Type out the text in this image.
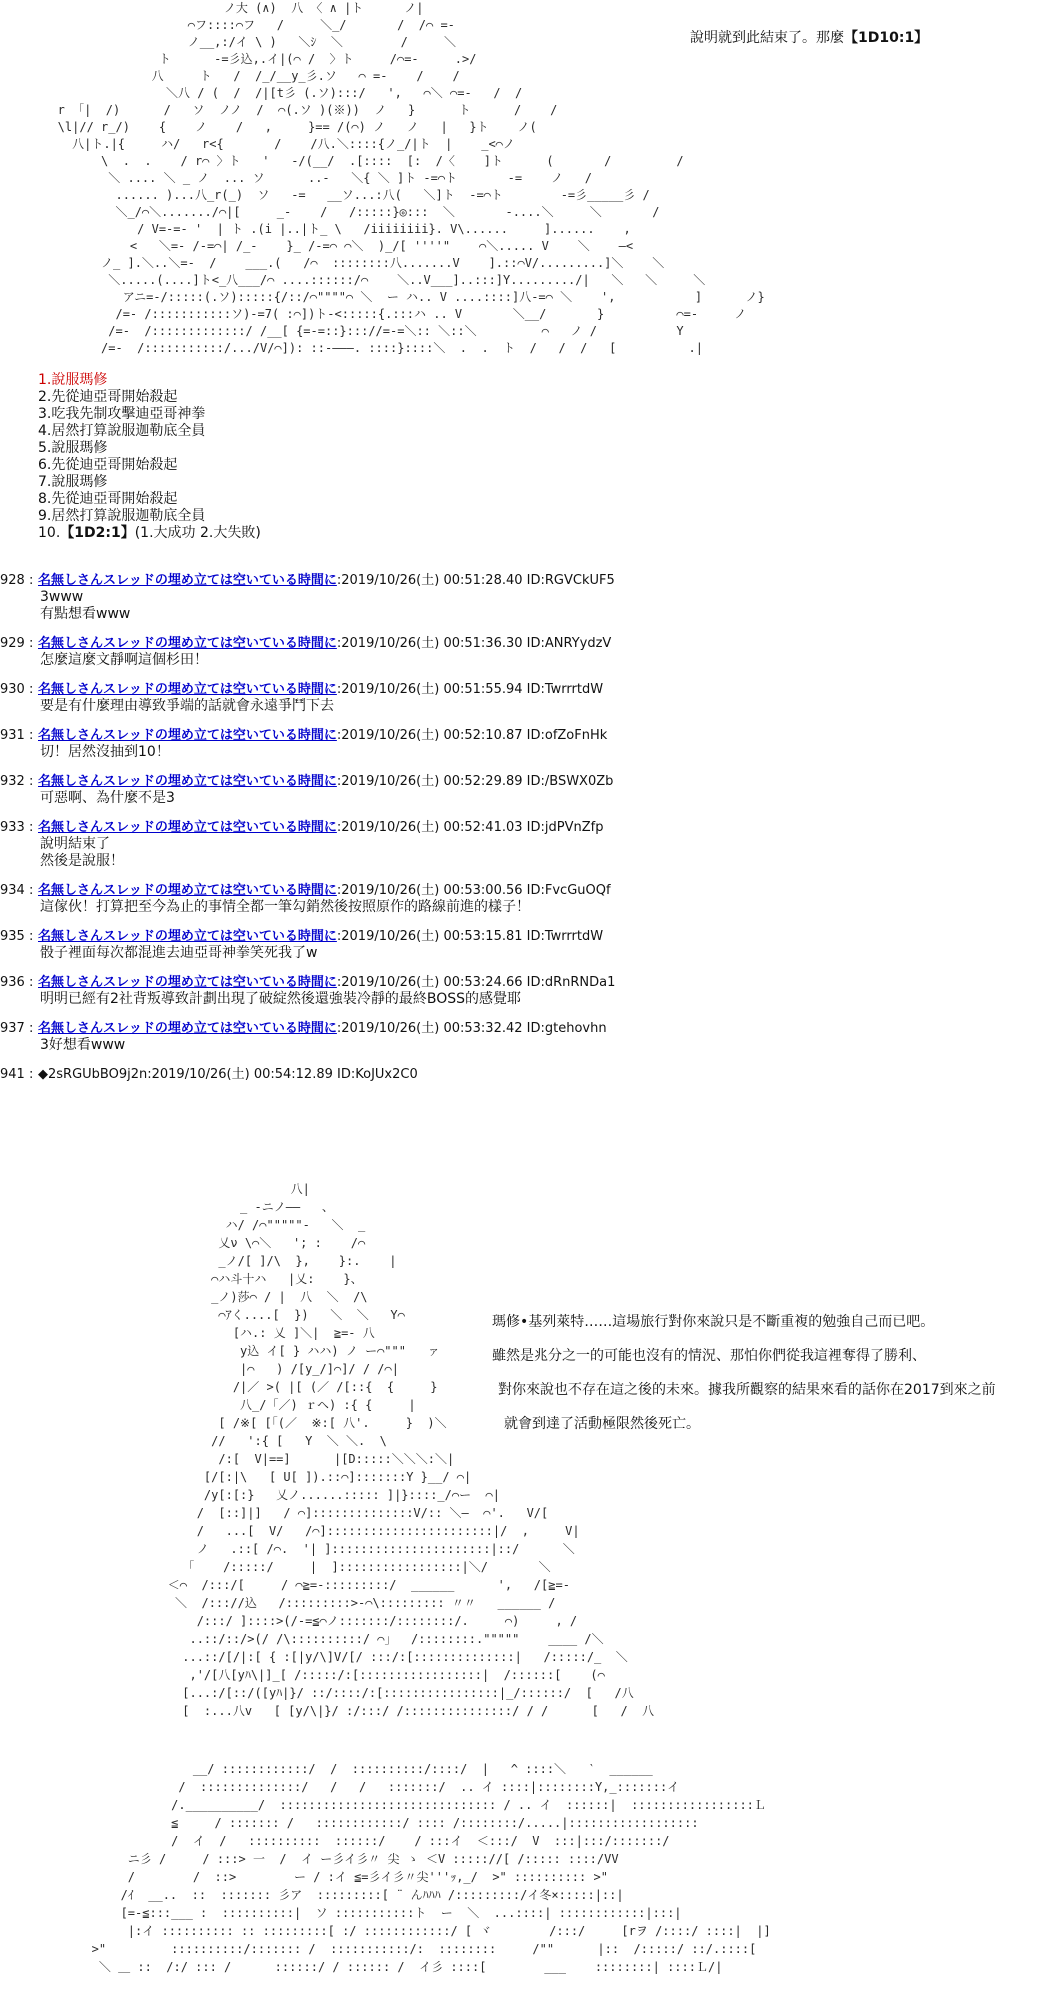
ノ大 (∧)  八 〈 ∧ |ト   　 ノ|
⌒フ::::⌒フ   /     ＼_/       /  /⌒ =-
ノ__,:/イ \ )   ＼ｼ  ＼        /     ＼
ト      -=彡込,.イ|(⌒ /  〉ト     /⌒=-     .>/
八     ト   /  /_/__y_彡.ソ   ⌒ =-    /    /
＼八 / (  /  /|[t彡 (.ソ):::/   ',   ⌒＼ ⌒=-   /  /
r 「|  /)      /   ソ  ノノ  /  ⌒(.ソ )(※))  ノ   }      ト      /    /
\l|// r_/)    {    ノ    /   ,     }== /(⌒) ノ   ノ   |   }ト    ノ(
八|ト.|{     ハ/   r<{       /    /八.＼::::{ノ_/|ト  |    _<⌒ノ
\  .  .    / r⌒ 〉ト   '   -/(__/  .[::::  [:  /〈    ]ト      (       /         /
＼ .... ＼ _ ノ  ... ソ      ..-   ＼{ ＼ ]ト -=⌒ト       -=    ノ   /
...... )...八_r(_)  ソ   -=   __ソ...:八(   ＼]ト  -=⌒ト        -=彡_____彡 /
＼_/⌒＼......./⌒|[     _-    /   /:::::}◎:::  ＼       -....＼     ＼       /
/ V=-=- '  | ト .(i |..|ト_ \   /iiiiiiii}. V\......     ]......    ,
<   ＼=- /-=⌒| /_-    }_ /-=⌒ ⌒＼  )_/[ ''''"    ⌒＼..... V    ＼    —<
ノ_ ].＼..＼=-  /    ___.(   /⌒  ::::::::八.......V    ].::⌒V/.........]＼    ＼
＼.....(....]ト<_八___/⌒ ....::::::/⌒    ＼..V___]..:::]Y........./|   ＼   ＼     ＼
アニ=-/:::::(.ソ):::::{/::/⌒""""⌒ ＼  ー ハ.. V ....::::]八-=⌒ ＼    ',           ]      ノ}
/=- /:::::::::::ソ)-=7( :⌒])ト-<:::::{.:::ハ .. V       ＼__/       }          ⌒=-     ノ
/=-  /:::::::::::::/ /__[ {=-=::}::://=-=＼:: ＼::＼         ⌒   ノ /           Y
/=-  /:::::::::::/.../V/⌒]): ::-———. ::::}::::＼  .  .  ト  /   /  /   [          .|
說明就到此結束了。那麼【1D10:1】
1.說服瑪修
2.先從迪亞哥開始殺起
3.吃我先制攻擊迪亞哥神拳
4.居然打算說服迦勒底全員
5.說服瑪修
6.先從迪亞哥開始殺起
7.說服瑪修
8.先從迪亞哥開始殺起
9.居然打算說服迦勒底全員
10.【1D2:1】(1.大成功 2.大失敗)
928 : 名無しさんスレッドの埋め立ては空いている時間に:2019/10/26(土) 00:51:28.40 ID:RGVCkUF5
3www
有點想看www
929 : 名無しさんスレッドの埋め立ては空いている時間に:2019/10/26(土) 00:51:36.30 ID:ANRYydzV
怎麼這麼文靜啊這個杉田！
930 : 名無しさんスレッドの埋め立ては空いている時間に:2019/10/26(土) 00:51:55.94 ID:TwrrrtdW
要是有什麼理由導致爭端的話就會永遠爭鬥下去
931 : 名無しさんスレッドの埋め立ては空いている時間に:2019/10/26(土) 00:52:10.87 ID:ofZoFnHk
切！居然沒抽到10！
932 : 名無しさんスレッドの埋め立ては空いている時間に:2019/10/26(土) 00:52:29.89 ID:/BSWX0Zb
可惡啊、為什麼不是3
933 : 名無しさんスレッドの埋め立ては空いている時間に:2019/10/26(土) 00:52:41.03 ID:jdPVnZfp
說明結束了
然後是說服！
934 : 名無しさんスレッドの埋め立ては空いている時間に:2019/10/26(土) 00:53:00.56 ID:FvcGuOQf
這傢伙！打算把至今為止的事情全都一筆勾銷然後按照原作的路線前進的樣子！
935 : 名無しさんスレッドの埋め立ては空いている時間に:2019/10/26(土) 00:53:15.81 ID:TwrrrtdW
骰子裡面每次都混進去迪亞哥神拳笑死我了w
936 : 名無しさんスレッドの埋め立ては空いている時間に:2019/10/26(土) 00:53:24.66 ID:dRnRNDa1
明明已經有2社背叛導致計劃出現了破綻然後還強裝冷靜的最終BOSS的感覺耶
937 : 名無しさんスレッドの埋め立ては空いている時間に:2019/10/26(土) 00:53:32.42 ID:gtehovhn
3好想看www
941 : ◆2sRGUbBO9j2n:2019/10/26(土) 00:54:12.89 ID:KoJUx2C0
八|
_ -ニノ——   、
ハ/ /⌒"""""-   ＼  _
乂ν \⌒＼   '; :    /⌒
_ノ/[ ]/\  },    }:.    |
⌒ハ斗十ハ   |乂:    }、
_ノ)莎⌒ / |  八  ＼  /\
⌒ｱく....[  })   ＼  ＼   Y⌒
[ハ.: 乂 ]＼|  ≧=- 八
y込 イ[ } ハハ) ノ ー⌒"""   ァ
|⌒   ) /[y_/]⌒]/ / /⌒|
/|／ >( |[ (／ /[::{  {     }
八_/「／) ｒヘ) :{ {     |
[ /※[ [「(／  ※:[ 八'.     }  )＼
//   ':{ [   Y  ＼ ＼.  \
/:[  V|==]      |[D:::::＼＼＼:＼|
[/[:|\   [ U[ ]).::⌒]:::::::Y }__/ ⌒|
/y[:[:}   乂ノ......::::: ]|}::::_/⌒ー  ⌒|
/  [::]|]   / ⌒]::::::::::::::V/:: ＼—  ⌒'.   V/[
/   ...[  V/   /⌒]:::::::::::::::::::::::|/  ,     V|
ノ   .::[ /⌒.  '| ]::::::::::::::::::::::|::/      ＼
「    /:::::/     |  ]:::::::::::::::::|＼/       ＼
＜⌒  /:::/[     / ⌒≧=-:::::::::/  ______      ',   /[≧=-
＼  /::://込   /:::::::::>-⌒\::::::::: 〃〃   ______ /
/:::/ ]::::>(/-=≦⌒ノ:::::::/::::::::/.     ⌒)     , /
..::/::/>(/ /\::::::::::/ ⌒」  /::::::::."""""    ____ /＼
...::/[/|:[ { :[|y/\]V/[/ :::/:[::::::::::::::|   /:::::/_  ＼
,'/[八[yﾊ\|]_[ /:::::/:[:::::::::::::::::|  /::::::[    (⌒
[...:/[::/([yﾊ|}/ ::/::::/:[::::::::::::::::|_/::::::/  [   /八
[  :...八v   [ [y/\|}/ :/:::/ /:::::::::::::::/ / /      [   /  八
瑪修•基列萊特……這場旅行對你來說只是不斷重複的勉強自己而已吧。
雖然是兆分之一的可能也沒有的情況、那怕你們從我這裡奪得了勝利、
對你來說也不存在這之後的未來。據我所觀察的結果來看的話你在2017到來之前
就會到達了活動極限然後死亡。
__/ ::::::::::::/  /  ::::::::::/::::/  |   ^ ::::＼   ‵  ______
/  ::::::::::::::/   /   /   :::::::/  .. イ ::::|::::::::Y,_:::::::イ
/.__________/  :::::::::::::::::::::::::::::: / .. イ  ::::::|  :::::::::::::::::Ｌ
≦     / ::::::: /   ::::::::::::/ :::: /::::::::/.....|::::::::::::::::::
/  イ  /   ::::::::::  ::::::/    / :::イ  ＜:::/  V  :::|:::/:::::::/
ニ彡 /     / :::> 一  /  イ ー彡イ彡〃 尖 ゝ ＜V ::::://[ /::::: ::::/VV
/        /  ::>        ー / :イ ≦=彡イ彡〃尖'''ｯ,_/  >" :::::::::: >"
/ｲ  __..  ::  ::::::: 彡ア  :::::::::[ ¨ んﾊﾊﾊ /:::::::::/イ冬×:::::|::|
[=-≦:::___ :  ::::::::::|  ソ :::::::::::ト  ー  ＼  ...::::| ::::::::::::|:::|
|:イ :::::::::: :: :::::::::[ :/ ::::::::::::/ [ ヾ        /:::/     [rヲ /::::/ ::::|  |]
>"         ::::::::::/::::::: /  :::::::::::/:  ::::::::     /""      |::  /:::::/ ::/.::::[
＼ ＿ ::  /:/ ::: /      ::::::/ / :::::: /  イ彡 ::::[        ___    ::::::::| ::::Ｌ/|
